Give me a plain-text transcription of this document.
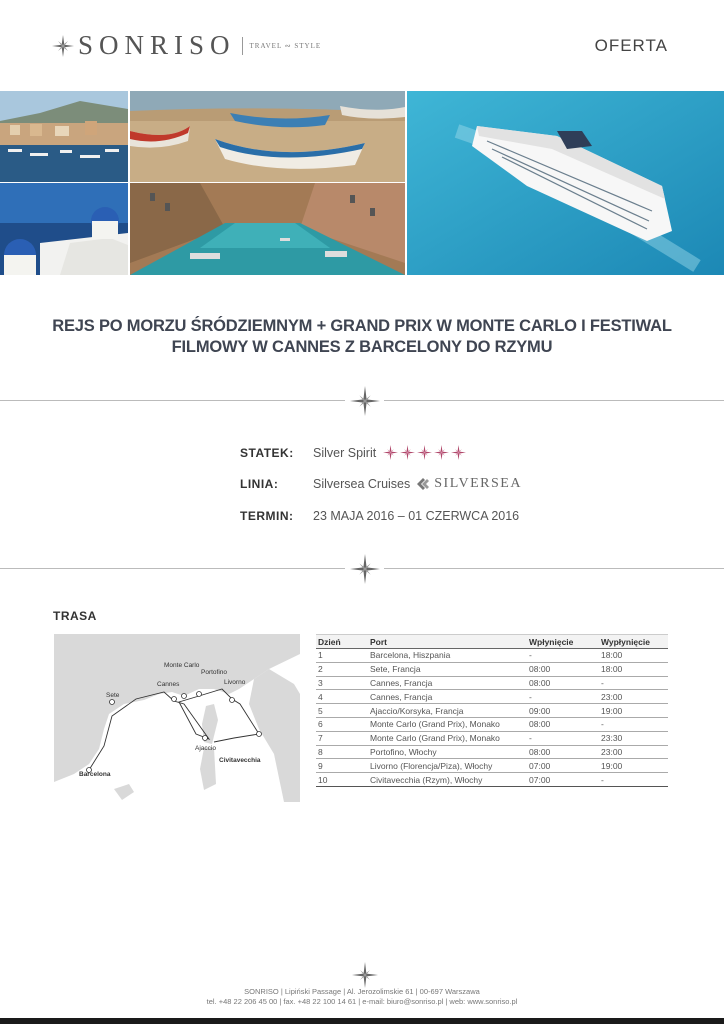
SONRISO TRAVEL ∾ STYLE	OFERTA
REJS PO MORZU ŚRÓDZIEMNYM + GRAND PRIX W MONTE CARLO I FESTIWAL FILMOWY W CANNES Z BARCELONY DO RZYMU
STATEK:	Silver Spirit
LINIA:	Silversea Cruises SILVERSEA
TERMIN:	23 MAJA 2016 – 01 CZERWCA 2016
TRASA
Barcelona
Sete
Cannes
Monte Carlo
Portofino
Livorno
Ajaccio
Civitavecchia
Dzień	Port	Wpłynięcie	Wypłynięcie
1	Barcelona, Hiszpania	-	18:00
2	Sete, Francja	08:00	18:00
3	Cannes, Francja	08:00	-
4	Cannes, Francja	-	23:00
5	Ajaccio/Korsyka, Francja	09:00	19:00
6	Monte Carlo (Grand Prix), Monako	08:00	-
7	Monte Carlo (Grand Prix), Monako	-	23:30
8	Portofino, Włochy	08:00	23:00
9	Livorno (Florencja/Piza), Włochy	07:00	19:00
10	Civitavecchia (Rzym), Włochy	07:00	-
SONRISO | Lipiński Passage | Al. Jerozolimskie 61 | 00-697 Warszawa
tel. +48 22 206 45 00 | fax. +48 22 100 14 61 | e-mail: biuro@sonriso.pl | web: www.sonriso.pl
